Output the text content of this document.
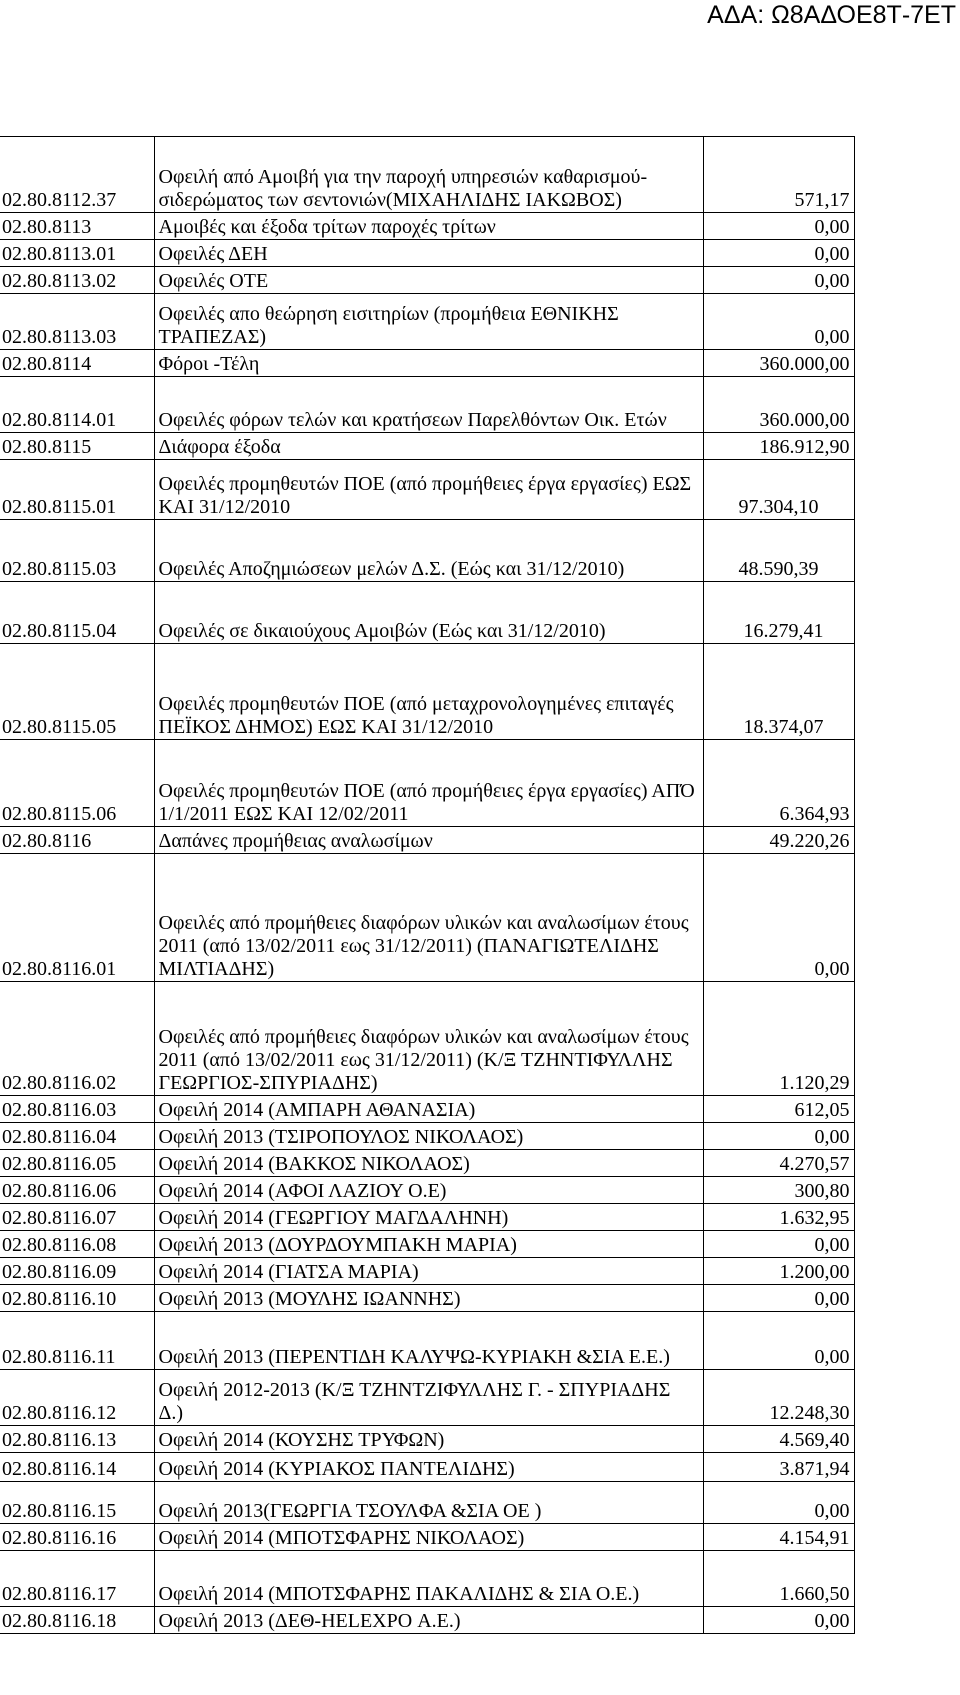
ΑΔΑ: Ω8ΑΔΟΕ8Τ-7ΕΤ
02.80.8112.37	Οφειλή από Αμοιβή για την παροχή υπηρεσιών καθαρισμού-σιδερώματος των σεντονιών(ΜΙΧΑΗΛΙΔΗΣ ΙΑΚΩΒΟΣ)	571,17
02.80.8113	Αμοιβές και έξοδα τρίτων παροχές τρίτων	0,00
02.80.8113.01	Οφειλές ΔΕΗ	0,00
02.80.8113.02	Οφειλές ΟΤΕ	0,00
02.80.8113.03	Οφειλές απο θεώρηση εισιτηρίων (προμήθεια ΕΘΝΙΚΗΣ ΤΡΑΠΕΖΑΣ)	0,00
02.80.8114	Φόροι -Τέλη	360.000,00
02.80.8114.01	Οφειλές φόρων τελών και κρατήσεων Παρελθόντων Οικ. Ετών	360.000,00
02.80.8115	Διάφορα έξοδα	186.912,90
02.80.8115.01	Οφειλές προμηθευτών ΠΟΕ (από προμήθειες έργα εργασίες) ΕΩΣ ΚΑΙ 31/12/2010	97.304,10
02.80.8115.03	Οφειλές Αποζημιώσεων μελών Δ.Σ. (Εώς και 31/12/2010)	48.590,39
02.80.8115.04	Οφειλές σε δικαιούχους Αμοιβών (Εώς και 31/12/2010)	16.279,41
02.80.8115.05	Οφειλές προμηθευτών ΠΟΕ (από μεταχρονολογημένες επιταγές ΠΕΪΚΟΣ ΔΗΜΟΣ) ΕΩΣ ΚΑΙ 31/12/2010	18.374,07
02.80.8115.06	Οφειλές προμηθευτών ΠΟΕ (από προμήθειες έργα εργασίες) ΑΠΌ 1/1/2011 ΕΩΣ ΚΑΙ 12/02/2011	6.364,93
02.80.8116	Δαπάνες προμήθειας αναλωσίμων	49.220,26
02.80.8116.01	Οφειλές από προμήθειες διαφόρων υλικών και αναλωσίμων έτους 2011 (από 13/02/2011 εως 31/12/2011) (ΠΑΝΑΓΙΩΤΕΛΙΔΗΣ ΜΙΛΤΙΑΔΗΣ)	0,00
02.80.8116.02	Οφειλές από προμήθειες διαφόρων υλικών και αναλωσίμων έτους 2011 (από 13/02/2011 εως 31/12/2011) (Κ/Ξ ΤΖΗΝΤΙΦΥΛΛΗΣ ΓΕΩΡΓΙΟΣ-ΣΠΥΡΙΑΔΗΣ)	1.120,29
02.80.8116.03	Οφειλή 2014 (ΑΜΠΑΡΗ ΑΘΑΝΑΣΙΑ)	612,05
02.80.8116.04	Οφειλή 2013 (ΤΣΙΡΟΠΟΥΛΟΣ ΝΙΚΟΛΑΟΣ)	0,00
02.80.8116.05	Οφειλή 2014 (ΒΑΚΚΟΣ ΝΙΚΟΛΑΟΣ)	4.270,57
02.80.8116.06	Οφειλή 2014 (ΑΦΟΙ ΛΑΖΙΟΥ Ο.Ε)	300,80
02.80.8116.07	Οφειλή 2014 (ΓΕΩΡΓΙΟΥ ΜΑΓΔΑΛΗΝΗ)	1.632,95
02.80.8116.08	Οφειλή 2013 (ΔΟΥΡΔΟΥΜΠΑΚΗ ΜΑΡΙΑ)	0,00
02.80.8116.09	Οφειλή 2014 (ΓΙΑΤΣΑ ΜΑΡΙΑ)	1.200,00
02.80.8116.10	Οφειλή 2013 (ΜΟΥΛΗΣ ΙΩΑΝΝΗΣ)	0,00
02.80.8116.11	Οφειλή 2013 (ΠΕΡΕΝΤΙΔΗ ΚΑΛΥΨΩ-ΚΥΡΙΑΚΗ &ΣΙΑ Ε.Ε.)	0,00
02.80.8116.12	Οφειλή 2012-2013 (Κ/Ξ ΤΖΗΝΤΖΙΦΥΛΛΗΣ Γ. - ΣΠΥΡΙΑΔΗΣ Δ.)	12.248,30
02.80.8116.13	Οφειλή 2014 (ΚΟΥΣΗΣ ΤΡΥΦΩΝ)	4.569,40
02.80.8116.14	Οφειλή 2014 (ΚΥΡΙΑΚΟΣ ΠΑΝΤΕΛΙΔΗΣ)	3.871,94
02.80.8116.15	Οφειλή 2013(ΓΕΩΡΓΙΑ ΤΣΟΥΛΦΑ &ΣΙΑ ΟΕ )	0,00
02.80.8116.16	Οφειλή 2014 (ΜΠΟΤΣΦΑΡΗΣ ΝΙΚΟΛΑΟΣ)	4.154,91
02.80.8116.17	Οφειλή 2014 (ΜΠΟΤΣΦΑΡΗΣ ΠΑΚΑΛΙΔΗΣ & ΣΙΑ Ο.Ε.)	1.660,50
02.80.8116.18	Οφειλή 2013 (ΔΕΘ-HELEXPO Α.Ε.)	0,00
